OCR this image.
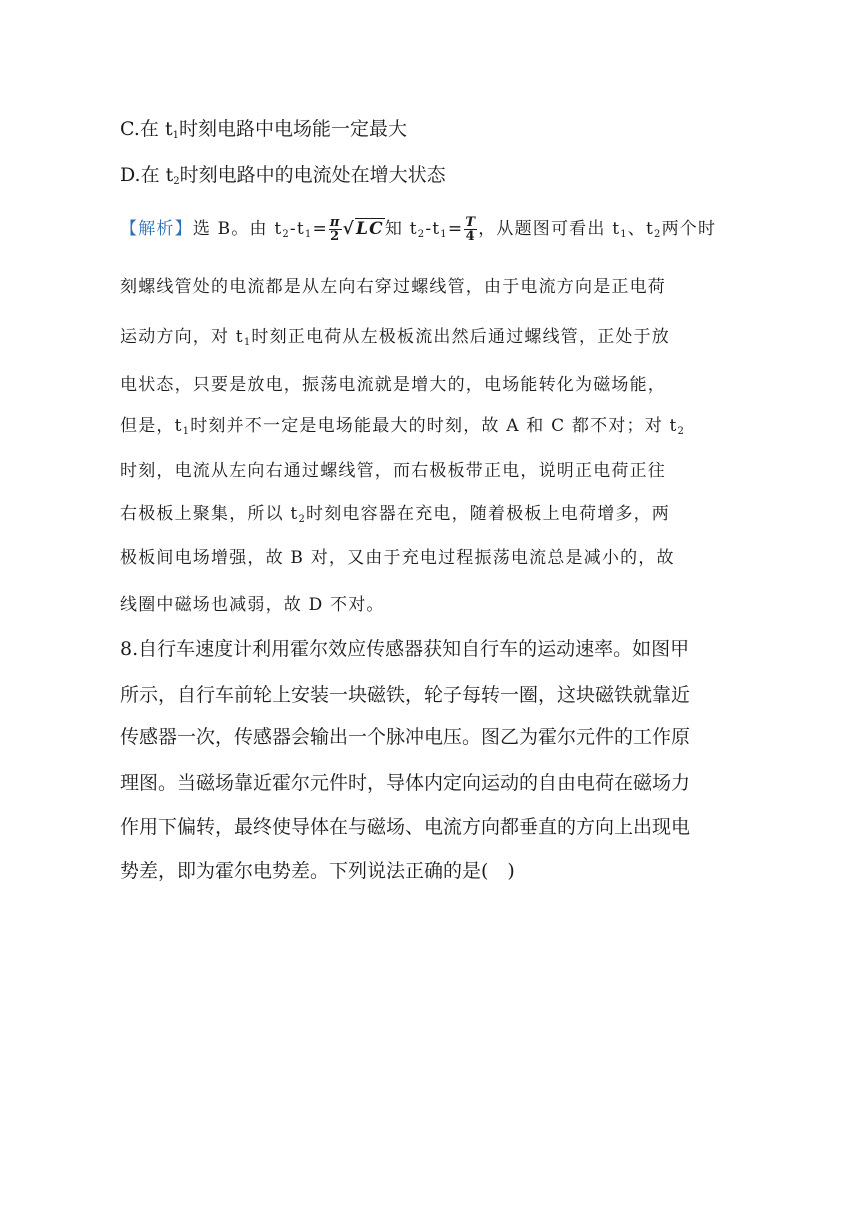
C.在 $t_1$时刻电路中电场能一定最大
D.在 $t_2$时刻电路中的电流处在增大状态
【解析】选 B。由 $t_2-t_1= \frac{\pi}{2} √LC$知 $t_2-t_1= \frac{T}{4}$ ，从题图可看出 $t_1$、$t_2$两个时
刻螺线管处的电流都是从左向右穿过螺线管，由于电流方向是正电荷
运动方向，对 $t_1$时刻正电荷从左极板流出然后通过螺线管，正处于放
电状态，只要是放电，振荡电流就是增大的，电场能转化为磁场能，
但是，$t_1$时刻并不一定是电场能最大的时刻，故 A 和 C 都不对；对 $t_2$
时刻，电流从左向右通过螺线管，而右极板带正电，说明正电荷正往
右极板上聚集，所以 $t_2$时刻电容器在充电，随着极板上电荷增多，两
极板间电场增强，故 B 对，又由于充电过程振荡电流总是减小的，故
线圈中磁场也减弱，故 D 不对。
8.自行车速度计利用霍尔效应传感器获知自行车的运动速率。如图甲
所示，自行车前轮上安装一块磁铁，轮子每转一圈，这块磁铁就靠近
传感器一次，传感器会输出一个脉冲电压。图乙为霍尔元件的工作原
理图。当磁场靠近霍尔元件时，导体内定向运动的自由电荷在磁场力
作用下偏转，最终使导体在与磁场、电流方向都垂直的方向上出现电
势差，即为霍尔电势差。下列说法正确的是(　)
